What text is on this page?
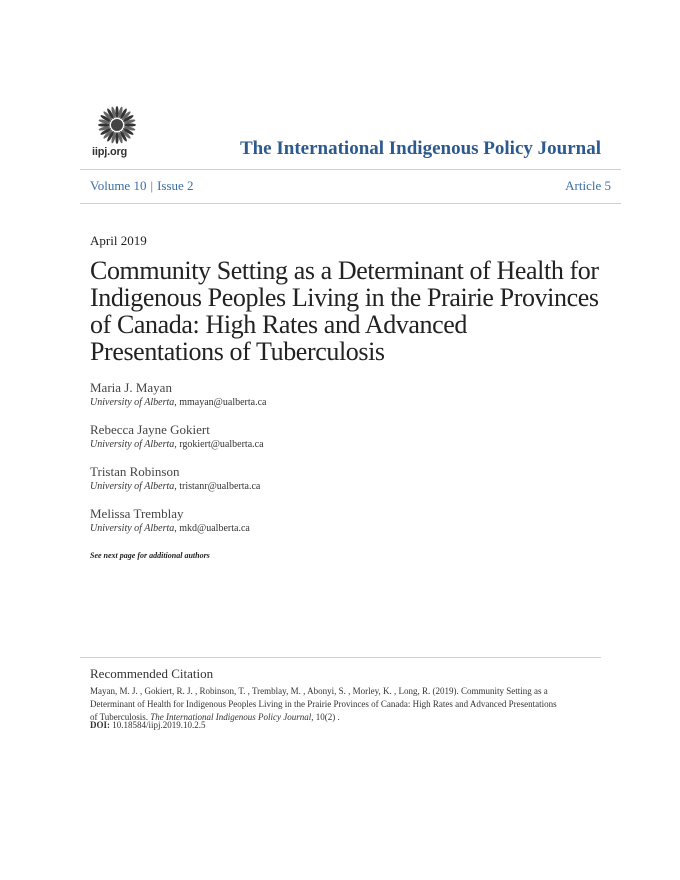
iipj.org	The International Indigenous Policy Journal
Volume 10 | Issue 2	Article 5
April 2019
Community Setting as a Determinant of Health for
Indigenous Peoples Living in the Prairie Provinces
of Canada: High Rates and Advanced
Presentations of Tuberculosis
Maria J. Mayan
University of Alberta, mmayan@ualberta.ca
Rebecca Jayne Gokiert
University of Alberta, rgokiert@ualberta.ca
Tristan Robinson
University of Alberta, tristanr@ualberta.ca
Melissa Tremblay
University of Alberta, mkd@ualberta.ca
See next page for additional authors
Recommended Citation
Mayan, M. J. , Gokiert, R. J. , Robinson, T. , Tremblay, M. , Abonyi, S. , Morley, K. , Long, R. (2019). Community Setting as a
Determinant of Health for Indigenous Peoples Living in the Prairie Provinces of Canada: High Rates and Advanced Presentations
of Tuberculosis. The International Indigenous Policy Journal, 10(2) .
DOI: 10.18584/iipj.2019.10.2.5
